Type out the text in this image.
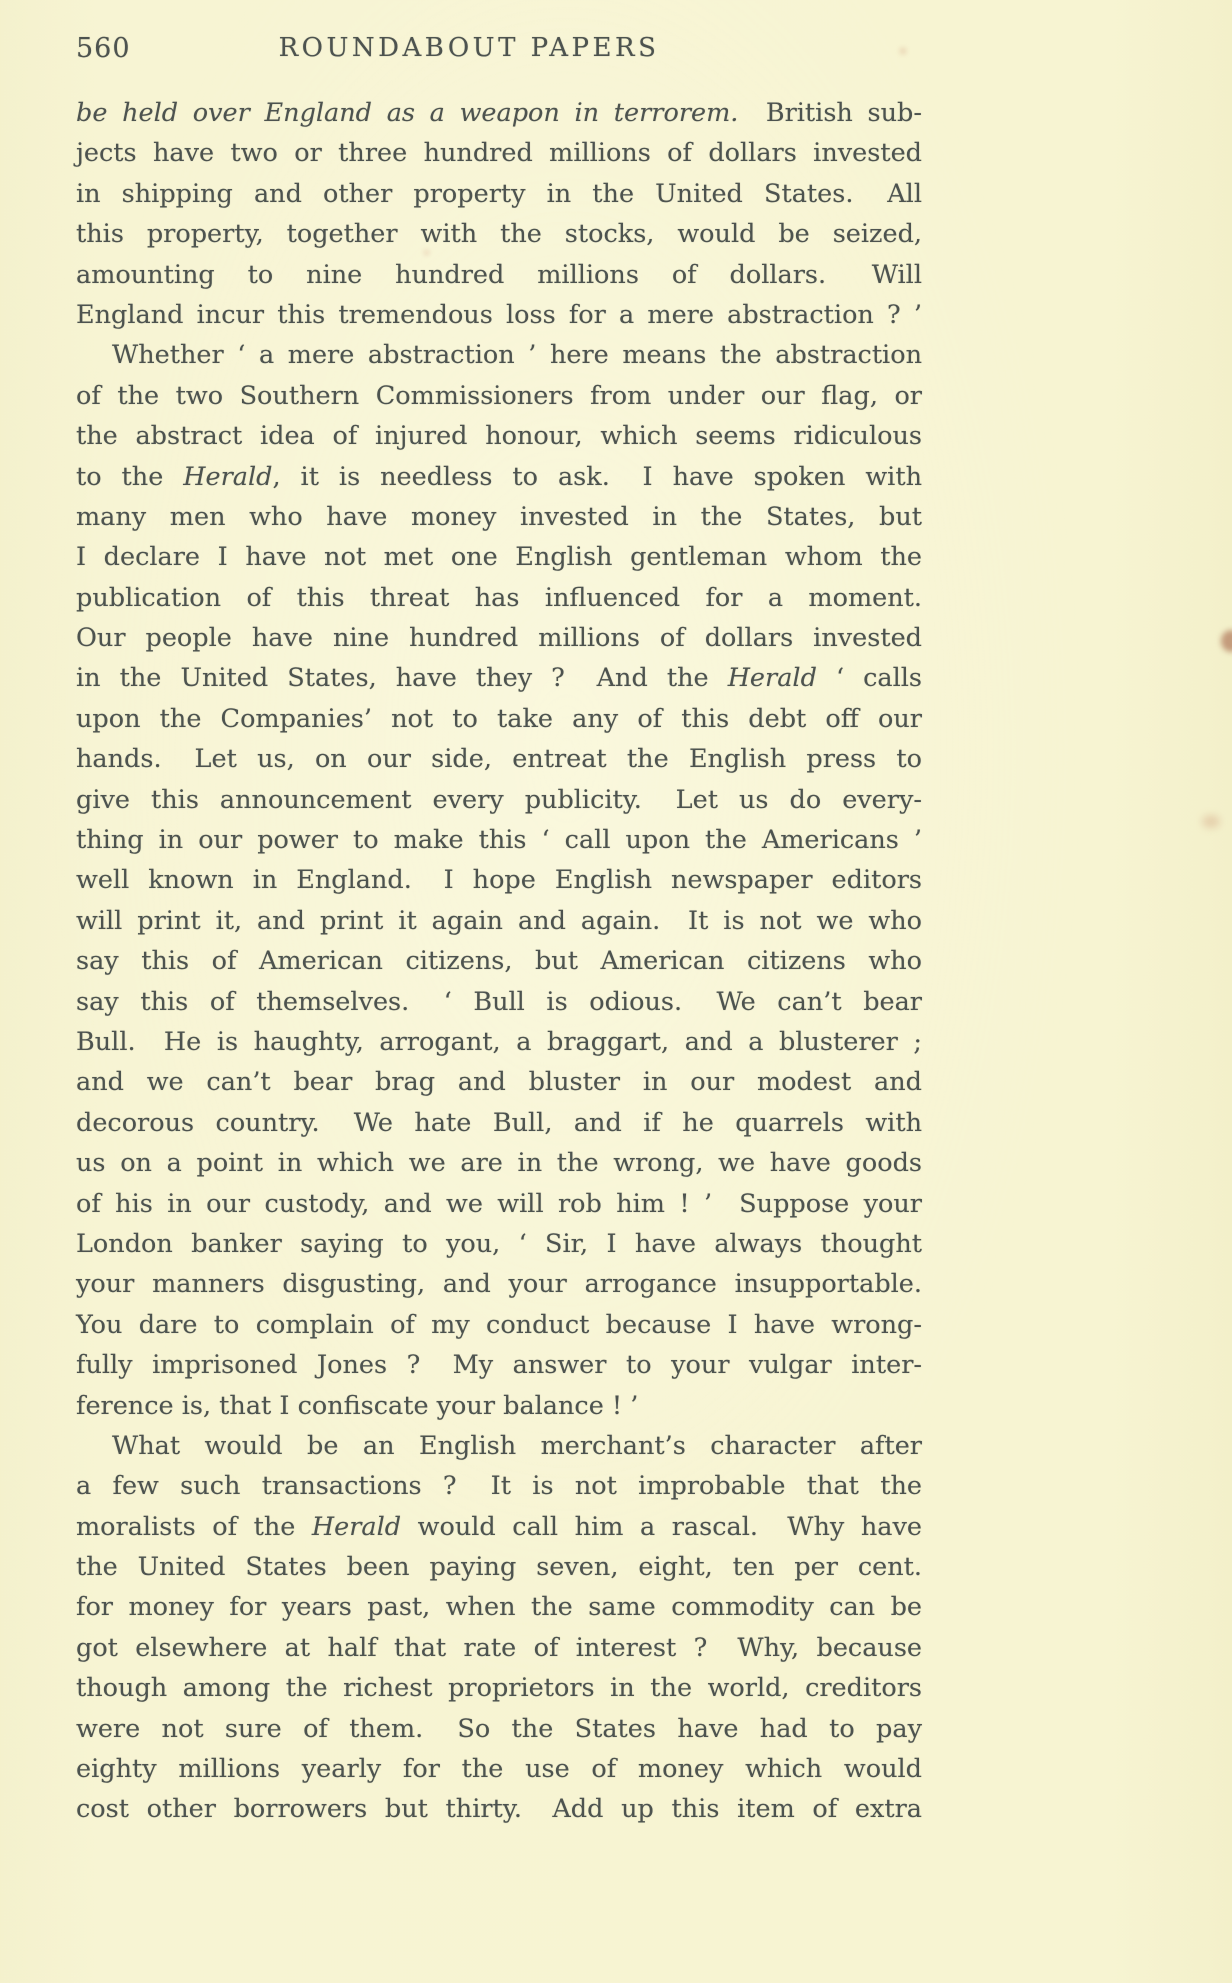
560	ROUNDABOUT PAPERS
be held over England as a weapon in terrorem.  British sub-
jects have two or three hundred millions of dollars invested
in shipping and other property in the United States.  All
this property, together with the stocks, would be seized,
amounting to nine hundred millions of dollars.  Will
England incur this tremendous loss for a mere abstraction ? ’
Whether ‘ a mere abstraction ’ here means the abstraction
of the two Southern Commissioners from under our flag, or
the abstract idea of injured honour, which seems ridiculous
to the Herald, it is needless to ask.  I have spoken with
many men who have money invested in the States, but
I declare I have not met one English gentleman whom the
publication of this threat has influenced for a moment.
Our people have nine hundred millions of dollars invested
in the United States, have they ?  And the Herald ‘ calls
upon the Companies’ not to take any of this debt off our
hands.  Let us, on our side, entreat the English press to
give this announcement every publicity.  Let us do every-
thing in our power to make this ‘ call upon the Americans ’
well known in England.  I hope English newspaper editors
will print it, and print it again and again.  It is not we who
say this of American citizens, but American citizens who
say this of themselves.  ‘ Bull is odious.  We can’t bear
Bull.  He is haughty, arrogant, a braggart, and a blusterer ;
and we can’t bear brag and bluster in our modest and
decorous country.  We hate Bull, and if he quarrels with
us on a point in which we are in the wrong, we have goods
of his in our custody, and we will rob him ! ’  Suppose your
London banker saying to you, ‘ Sir, I have always thought
your manners disgusting, and your arrogance insupportable.
You dare to complain of my conduct because I have wrong-
fully imprisoned Jones ?  My answer to your vulgar inter-
ference is, that I confiscate your balance ! ’
What would be an English merchant’s character after
a few such transactions ?  It is not improbable that the
moralists of the Herald would call him a rascal.  Why have
the United States been paying seven, eight, ten per cent.
for money for years past, when the same commodity can be
got elsewhere at half that rate of interest ?  Why, because
though among the richest proprietors in the world, creditors
were not sure of them.  So the States have had to pay
eighty millions yearly for the use of money which would
cost other borrowers but thirty.  Add up this item of extra
